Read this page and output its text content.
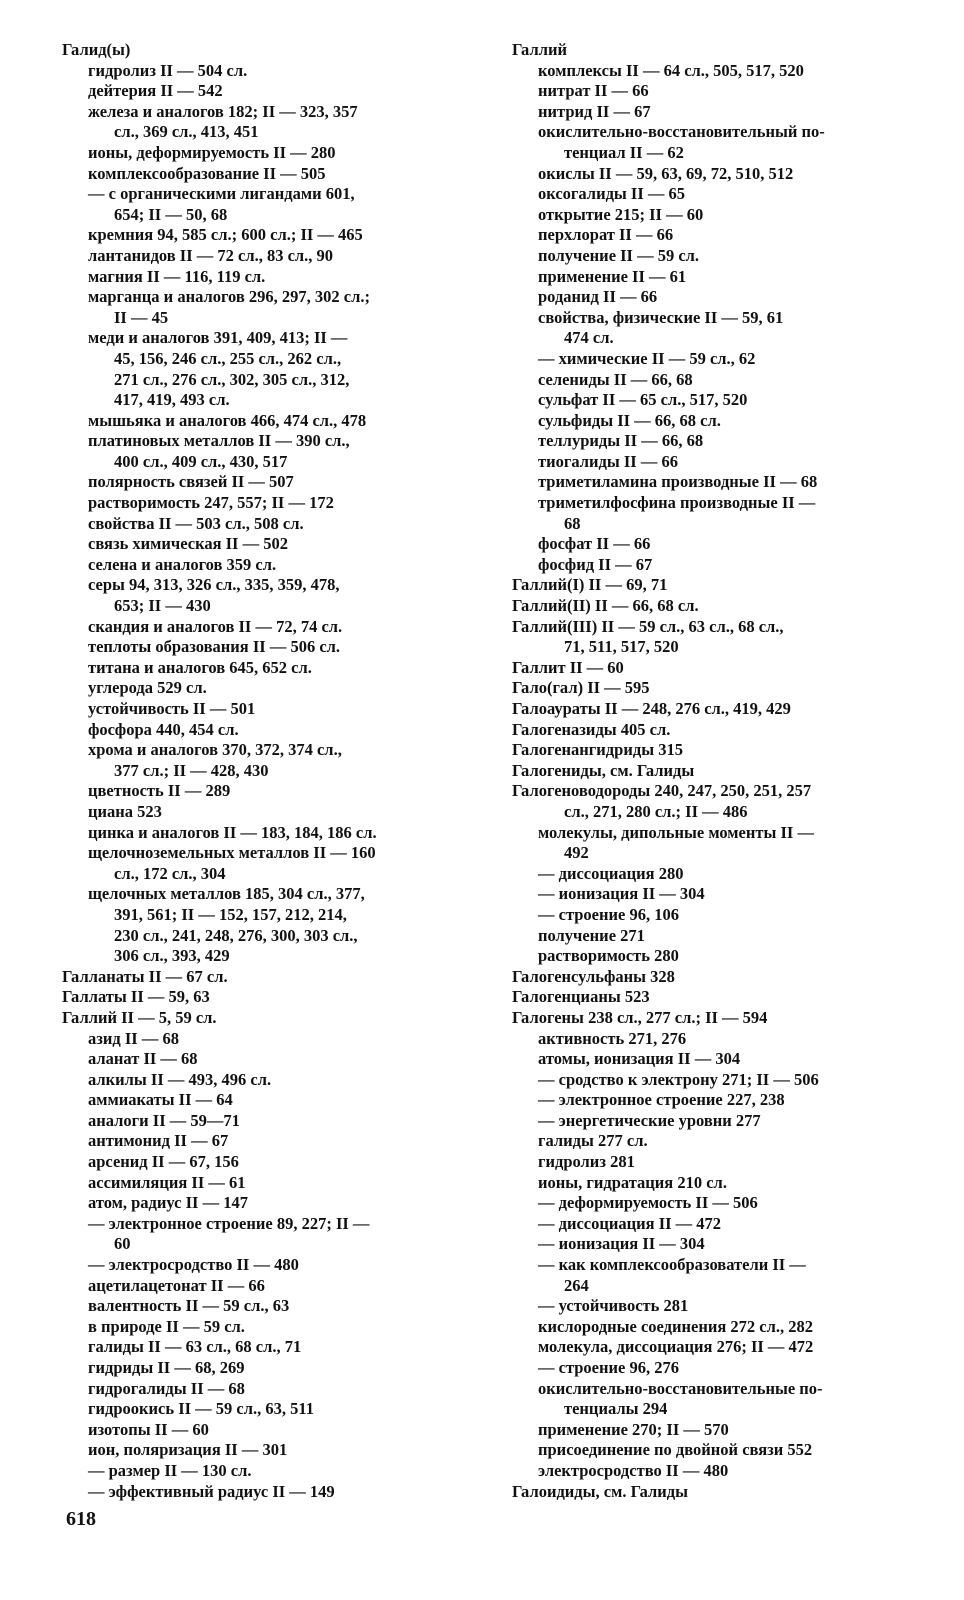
Галид(ы)
гидролиз II — 504 сл.
дейтерия II — 542
железа и аналогов 182; II — 323, 357
сл., 369 сл., 413, 451
ионы, деформируемость II — 280
комплексообразование II — 505
— с органическими лигандами 601,
654; II — 50, 68
кремния 94, 585 сл.; 600 сл.; II — 465
лантанидов II — 72 сл., 83 сл., 90
магния II — 116, 119 сл.
марганца и аналогов 296, 297, 302 сл.;
II — 45
меди и аналогов 391, 409, 413; II —
45, 156, 246 сл., 255 сл., 262 сл.,
271 сл., 276 сл., 302, 305 сл., 312,
417, 419, 493 сл.
мышьяка и аналогов 466, 474 сл., 478
платиновых металлов II — 390 сл.,
400 сл., 409 сл., 430, 517
полярность связей II — 507
растворимость 247, 557; II — 172
свойства II — 503 сл., 508 сл.
связь химическая II — 502
селена и аналогов 359 сл.
серы 94, 313, 326 сл., 335, 359, 478,
653; II — 430
скандия и аналогов II — 72, 74 сл.
теплоты образования II — 506 сл.
титана и аналогов 645, 652 сл.
углерода 529 сл.
устойчивость II — 501
фосфора 440, 454 сл.
хрома и аналогов 370, 372, 374 сл.,
377 сл.; II — 428, 430
цветность II — 289
циана 523
цинка и аналогов II — 183, 184, 186 сл.
щелочноземельных металлов II — 160
сл., 172 сл., 304
щелочных металлов 185, 304 сл., 377,
391, 561; II — 152, 157, 212, 214,
230 сл., 241, 248, 276, 300, 303 сл.,
306 сл., 393, 429
Галланаты II — 67 сл.
Галлаты II — 59, 63
Галлий II — 5, 59 сл.
азид II — 68
аланат II — 68
алкилы II — 493, 496 сл.
аммиакаты II — 64
аналоги II — 59—71
антимонид II — 67
арсенид II — 67, 156
ассимиляция II — 61
атом, радиус II — 147
— электронное строение 89, 227; II —
60
— электросродство II — 480
ацетилацетонат II — 66
валентность II — 59 сл., 63
в природе II — 59 сл.
галиды II — 63 сл., 68 сл., 71
гидриды II — 68, 269
гидрогалиды II — 68
гидроокись II — 59 сл., 63, 511
изотопы II — 60
ион, поляризация II — 301
— размер II — 130 сл.
— эффективный радиус II — 149
Галлий
комплексы II — 64 сл., 505, 517, 520
нитрат II — 66
нитрид II — 67
окислительно-восстановительный по-
тенциал II — 62
окислы II — 59, 63, 69, 72, 510, 512
оксогалиды II — 65
открытие 215; II — 60
перхлорат II — 66
получение II — 59 сл.
применение II — 61
роданид II — 66
свойства, физические II — 59, 61
474 сл.
— химические II — 59 сл., 62
селениды II — 66, 68
сульфат II — 65 сл., 517, 520
сульфиды II — 66, 68 сл.
теллуриды II — 66, 68
тиогалиды II — 66
триметиламина производные II — 68
триметилфосфина производные II —
68
фосфат II — 66
фосфид II — 67
Галлий(I) II — 69, 71
Галлий(II) II — 66, 68 сл.
Галлий(III) II — 59 сл., 63 сл., 68 сл.,
71, 511, 517, 520
Галлит II — 60
Гало(гал) II — 595
Галоаураты II — 248, 276 сл., 419, 429
Галогеназиды 405 сл.
Галогенангидриды 315
Галогениды, см. Галиды
Галогеноводороды 240, 247, 250, 251, 257
сл., 271, 280 сл.; II — 486
молекулы, дипольные моменты II —
492
— диссоциация 280
— ионизация II — 304
— строение 96, 106
получение 271
растворимость 280
Галогенсульфаны 328
Галогенцианы 523
Галогены 238 сл., 277 сл.; II — 594
активность 271, 276
атомы, ионизация II — 304
— сродство к электрону 271; II — 506
— электронное строение 227, 238
— энергетические уровни 277
галиды 277 сл.
гидролиз 281
ионы, гидратация 210 сл.
— деформируемость II — 506
— диссоциация II — 472
— ионизация II — 304
— как комплексообразователи II —
264
— устойчивость 281
кислородные соединения 272 сл., 282
молекула, диссоциация 276; II — 472
— строение 96, 276
окислительно-восстановительные по-
тенциалы 294
применение 270; II — 570
присоединение по двойной связи 552
электросродство II — 480
Галоидиды, см. Галиды
618
